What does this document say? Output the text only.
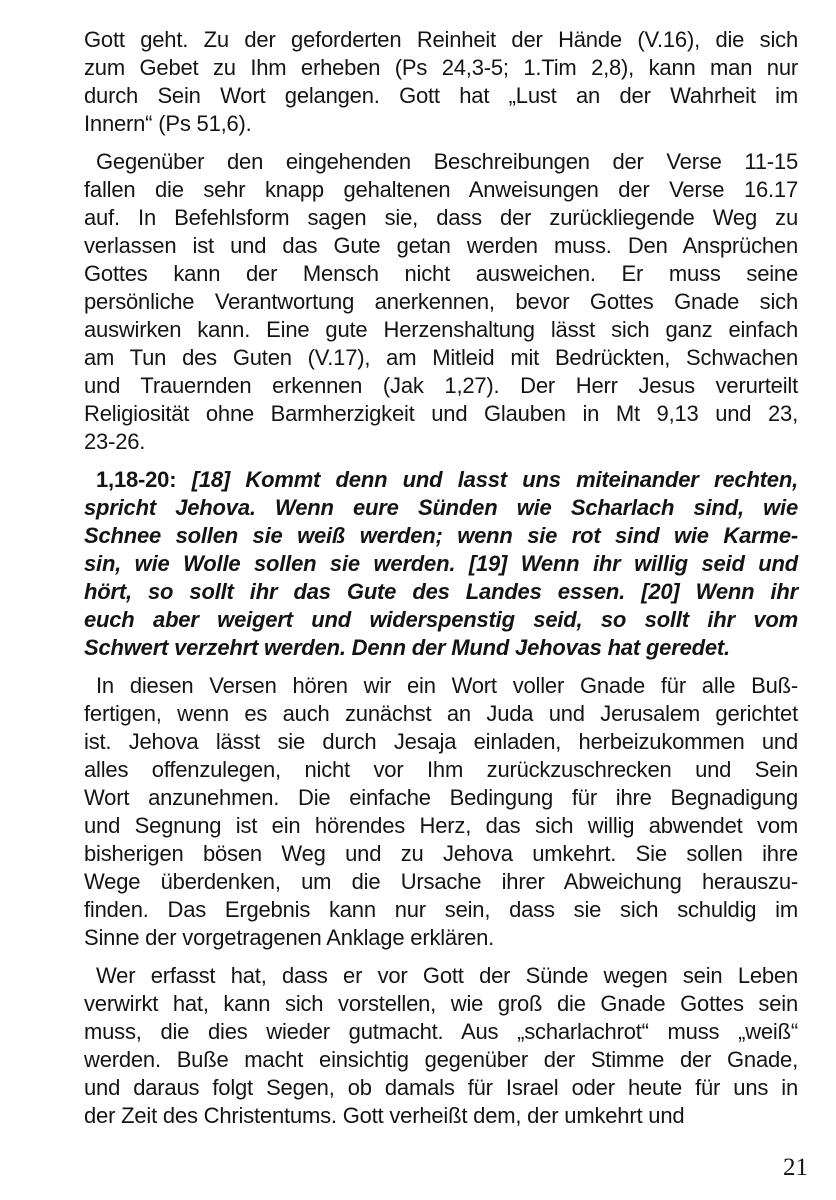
Gott geht. Zu der geforderten Reinheit der Hände (V.16), die sich
zum Gebet zu Ihm erheben (Ps 24,3-5; 1.Tim 2,8), kann man nur
durch Sein Wort gelangen. Gott hat „Lust an der Wahrheit im
Innern“ (Ps 51,6).
Gegenüber den eingehenden Beschreibungen der Verse 11-15
fallen die sehr knapp gehaltenen Anweisungen der Verse 16.17
auf. In Befehlsform sagen sie, dass der zurückliegende Weg zu
verlassen ist und das Gute getan werden muss. Den Ansprüchen
Gottes kann der Mensch nicht ausweichen. Er muss seine
persönliche Verantwortung anerkennen, bevor Gottes Gnade sich
auswirken kann. Eine gute Herzenshaltung lässt sich ganz einfach
am Tun des Guten (V.17), am Mitleid mit Bedrückten, Schwachen
und Trauernden erkennen (Jak 1,27). Der Herr Jesus verurteilt
Religiosität ohne Barmherzigkeit und Glauben in Mt 9,13 und 23,
23-26.
1,18-20: [18] Kommt denn und lasst uns miteinander rechten,
spricht Jehova. Wenn eure Sünden wie Scharlach sind, wie
Schnee sollen sie weiß werden; wenn sie rot sind wie Karme-
sin, wie Wolle sollen sie werden. [19] Wenn ihr willig seid und
hört, so sollt ihr das Gute des Landes essen. [20] Wenn ihr
euch aber weigert und widerspenstig seid, so sollt ihr vom
Schwert verzehrt werden. Denn der Mund Jehovas hat geredet.
In diesen Versen hören wir ein Wort voller Gnade für alle Buß-
fertigen, wenn es auch zunächst an Juda und Jerusalem gerichtet
ist. Jehova lässt sie durch Jesaja einladen, herbeizukommen und
alles offenzulegen, nicht vor Ihm zurückzuschrecken und Sein
Wort anzunehmen. Die einfache Bedingung für ihre Begnadigung
und Segnung ist ein hörendes Herz, das sich willig abwendet vom
bisherigen bösen Weg und zu Jehova umkehrt. Sie sollen ihre
Wege überdenken, um die Ursache ihrer Abweichung herauszu-
finden. Das Ergebnis kann nur sein, dass sie sich schuldig im
Sinne der vorgetragenen Anklage erklären.
Wer erfasst hat, dass er vor Gott der Sünde wegen sein Leben
verwirkt hat, kann sich vorstellen, wie groß die Gnade Gottes sein
muss, die dies wieder gutmacht. Aus „scharlachrot“ muss „weiß“
werden. Buße macht einsichtig gegenüber der Stimme der Gnade,
und daraus folgt Segen, ob damals für Israel oder heute für uns in
der Zeit des Christentums. Gott verheißt dem, der umkehrt und
21
